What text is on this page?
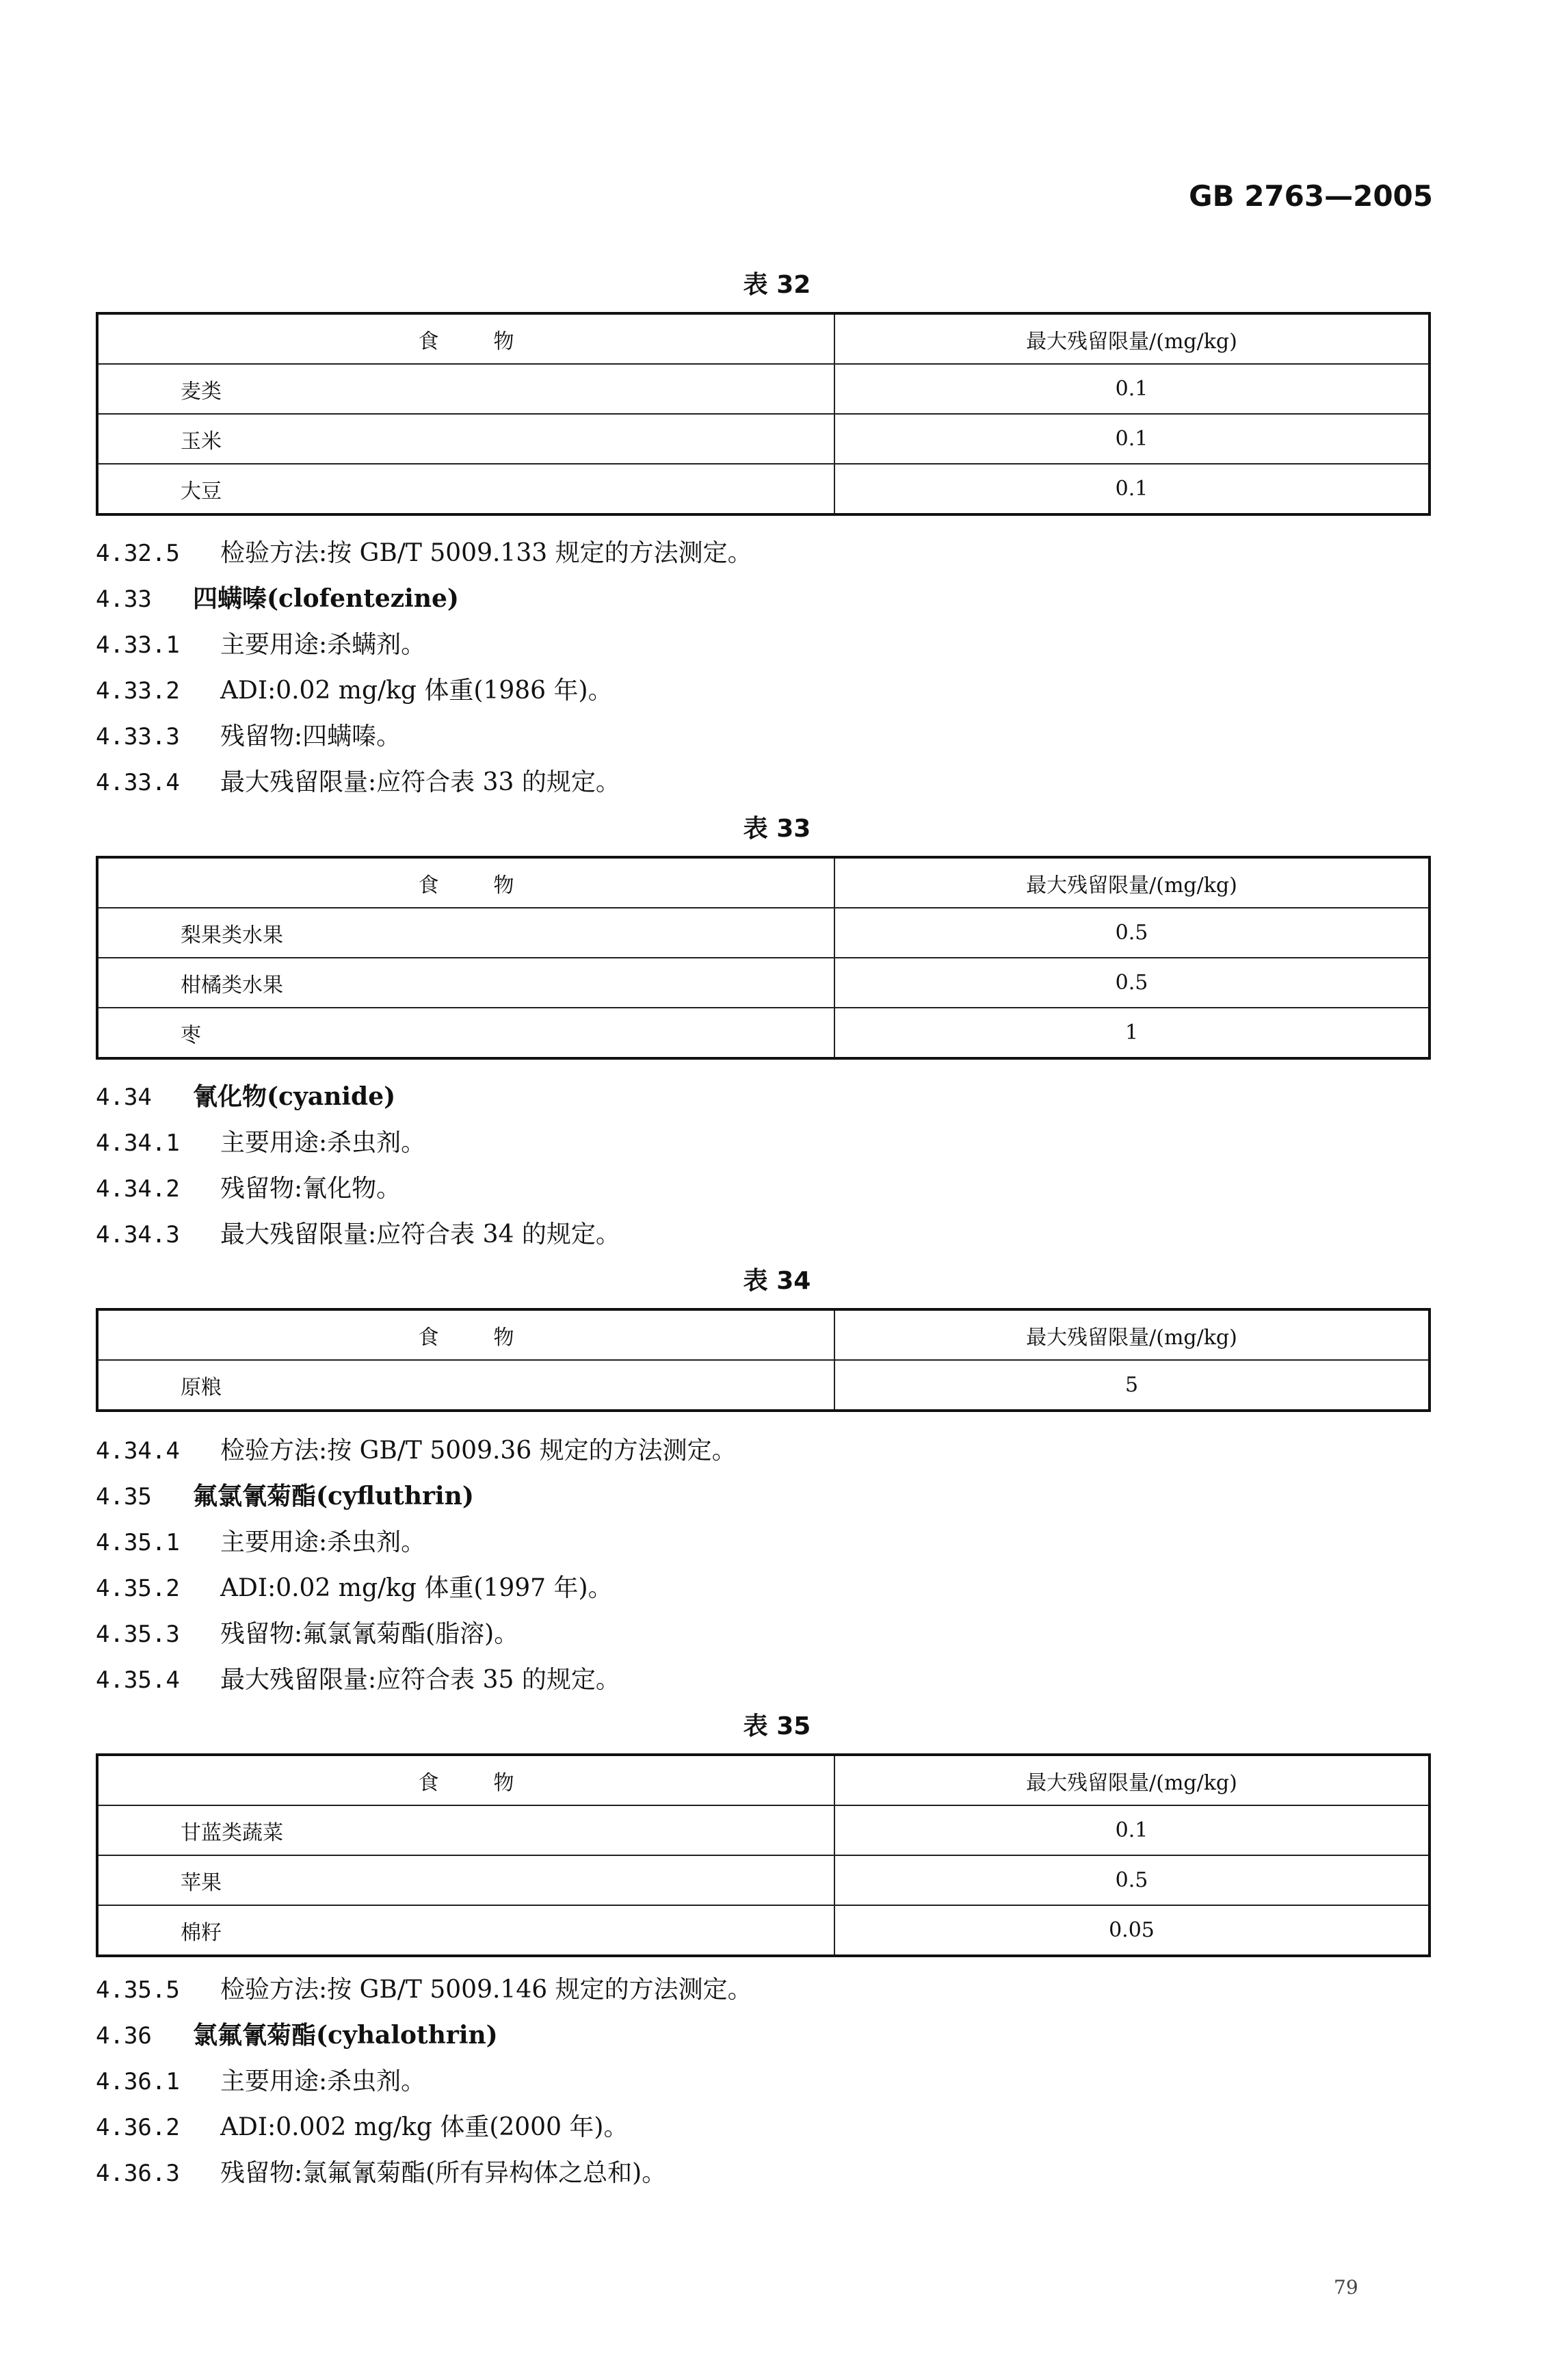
GB 2763—2005
表 32
食 物	最大残留限量/(mg/kg)
麦类	0.1
玉米	0.1
大豆	0.1
4.32.5 检验方法:按 GB/T 5009.133 规定的方法测定。
4.33 四螨嗪(clofentezine)
4.33.1 主要用途:杀螨剂。
4.33.2 ADI:0.02 mg/kg 体重(1986 年)。
4.33.3 残留物:四螨嗪。
4.33.4 最大残留限量:应符合表 33 的规定。
表 33
食 物	最大残留限量/(mg/kg)
梨果类水果	0.5
柑橘类水果	0.5
枣	1
4.34 氰化物(cyanide)
4.34.1 主要用途:杀虫剂。
4.34.2 残留物:氰化物。
4.34.3 最大残留限量:应符合表 34 的规定。
表 34
食 物	最大残留限量/(mg/kg)
原粮	5
4.34.4 检验方法:按 GB/T 5009.36 规定的方法测定。
4.35 氟氯氰菊酯(cyfluthrin)
4.35.1 主要用途:杀虫剂。
4.35.2 ADI:0.02 mg/kg 体重(1997 年)。
4.35.3 残留物:氟氯氰菊酯(脂溶)。
4.35.4 最大残留限量:应符合表 35 的规定。
表 35
食 物	最大残留限量/(mg/kg)
甘蓝类蔬菜	0.1
苹果	0.5
棉籽	0.05
4.35.5 检验方法:按 GB/T 5009.146 规定的方法测定。
4.36 氯氟氰菊酯(cyhalothrin)
4.36.1 主要用途:杀虫剂。
4.36.2 ADI:0.002 mg/kg 体重(2000 年)。
4.36.3 残留物:氯氟氰菊酯(所有异构体之总和)。
79
